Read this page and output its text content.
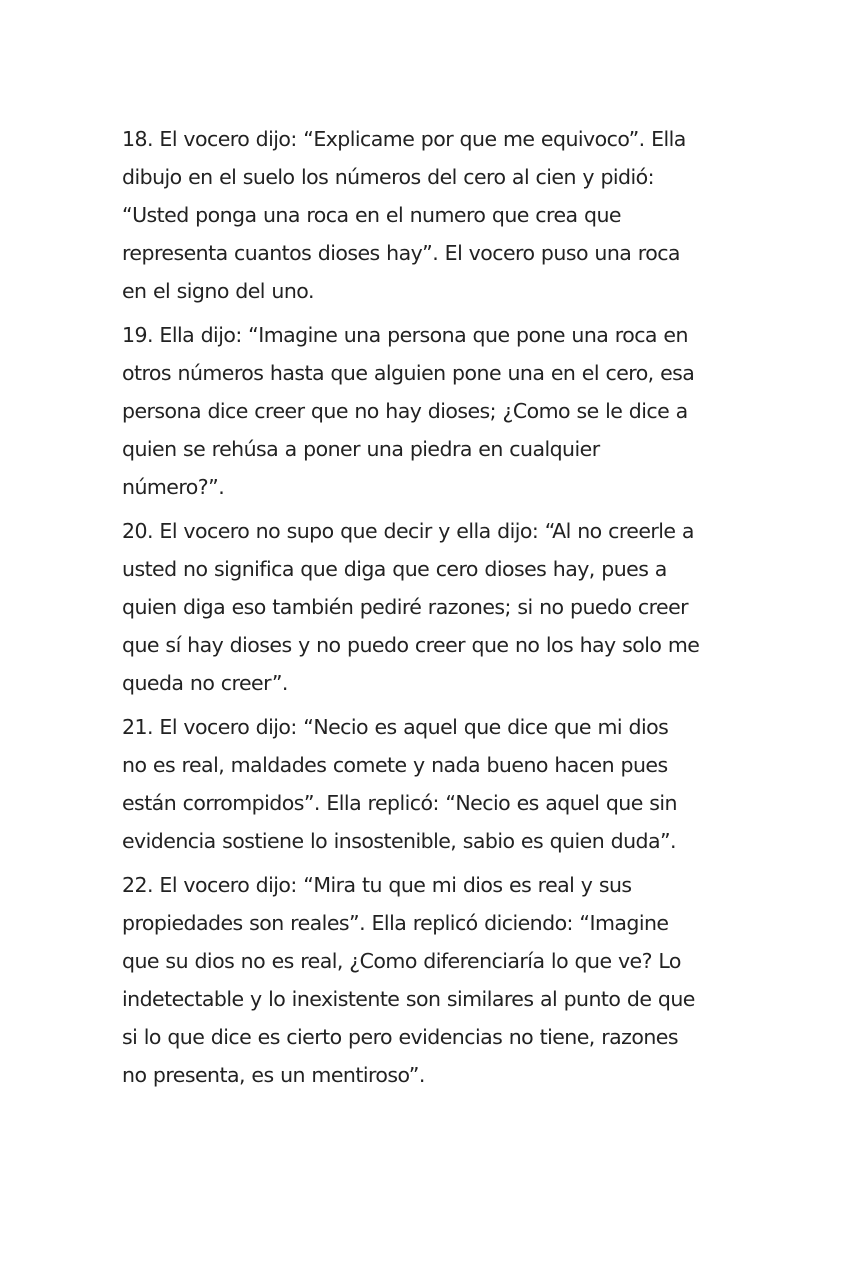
18. El vocero dijo: “Explicame por que me equivoco”. Ella
dibujo en el suelo los números del cero al cien y pidió:
“Usted ponga una roca en el numero que crea que
representa cuantos dioses hay”. El vocero puso una roca
en el signo del uno.

19. Ella dijo: “Imagine una persona que pone una roca en
otros números hasta que alguien pone una en el cero, esa
persona dice creer que no hay dioses; ¿Como se le dice a
quien se rehúsa a poner una piedra en cualquier
número?”.

20. El vocero no supo que decir y ella dijo: “Al no creerle a
usted no significa que diga que cero dioses hay, pues a
quien diga eso también pediré razones; si no puedo creer
que sí hay dioses y no puedo creer que no los hay solo me
queda no creer”.

21. El vocero dijo: “Necio es aquel que dice que mi dios
no es real, maldades comete y nada bueno hacen pues
están corrompidos”. Ella replicó: “Necio es aquel que sin
evidencia sostiene lo insostenible, sabio es quien duda”.

22. El vocero dijo: “Mira tu que mi dios es real y sus
propiedades son reales”. Ella replicó diciendo: “Imagine
que su dios no es real, ¿Como diferenciaría lo que ve? Lo
indetectable y lo inexistente son similares al punto de que
si lo que dice es cierto pero evidencias no tiene, razones
no presenta, es un mentiroso”.
